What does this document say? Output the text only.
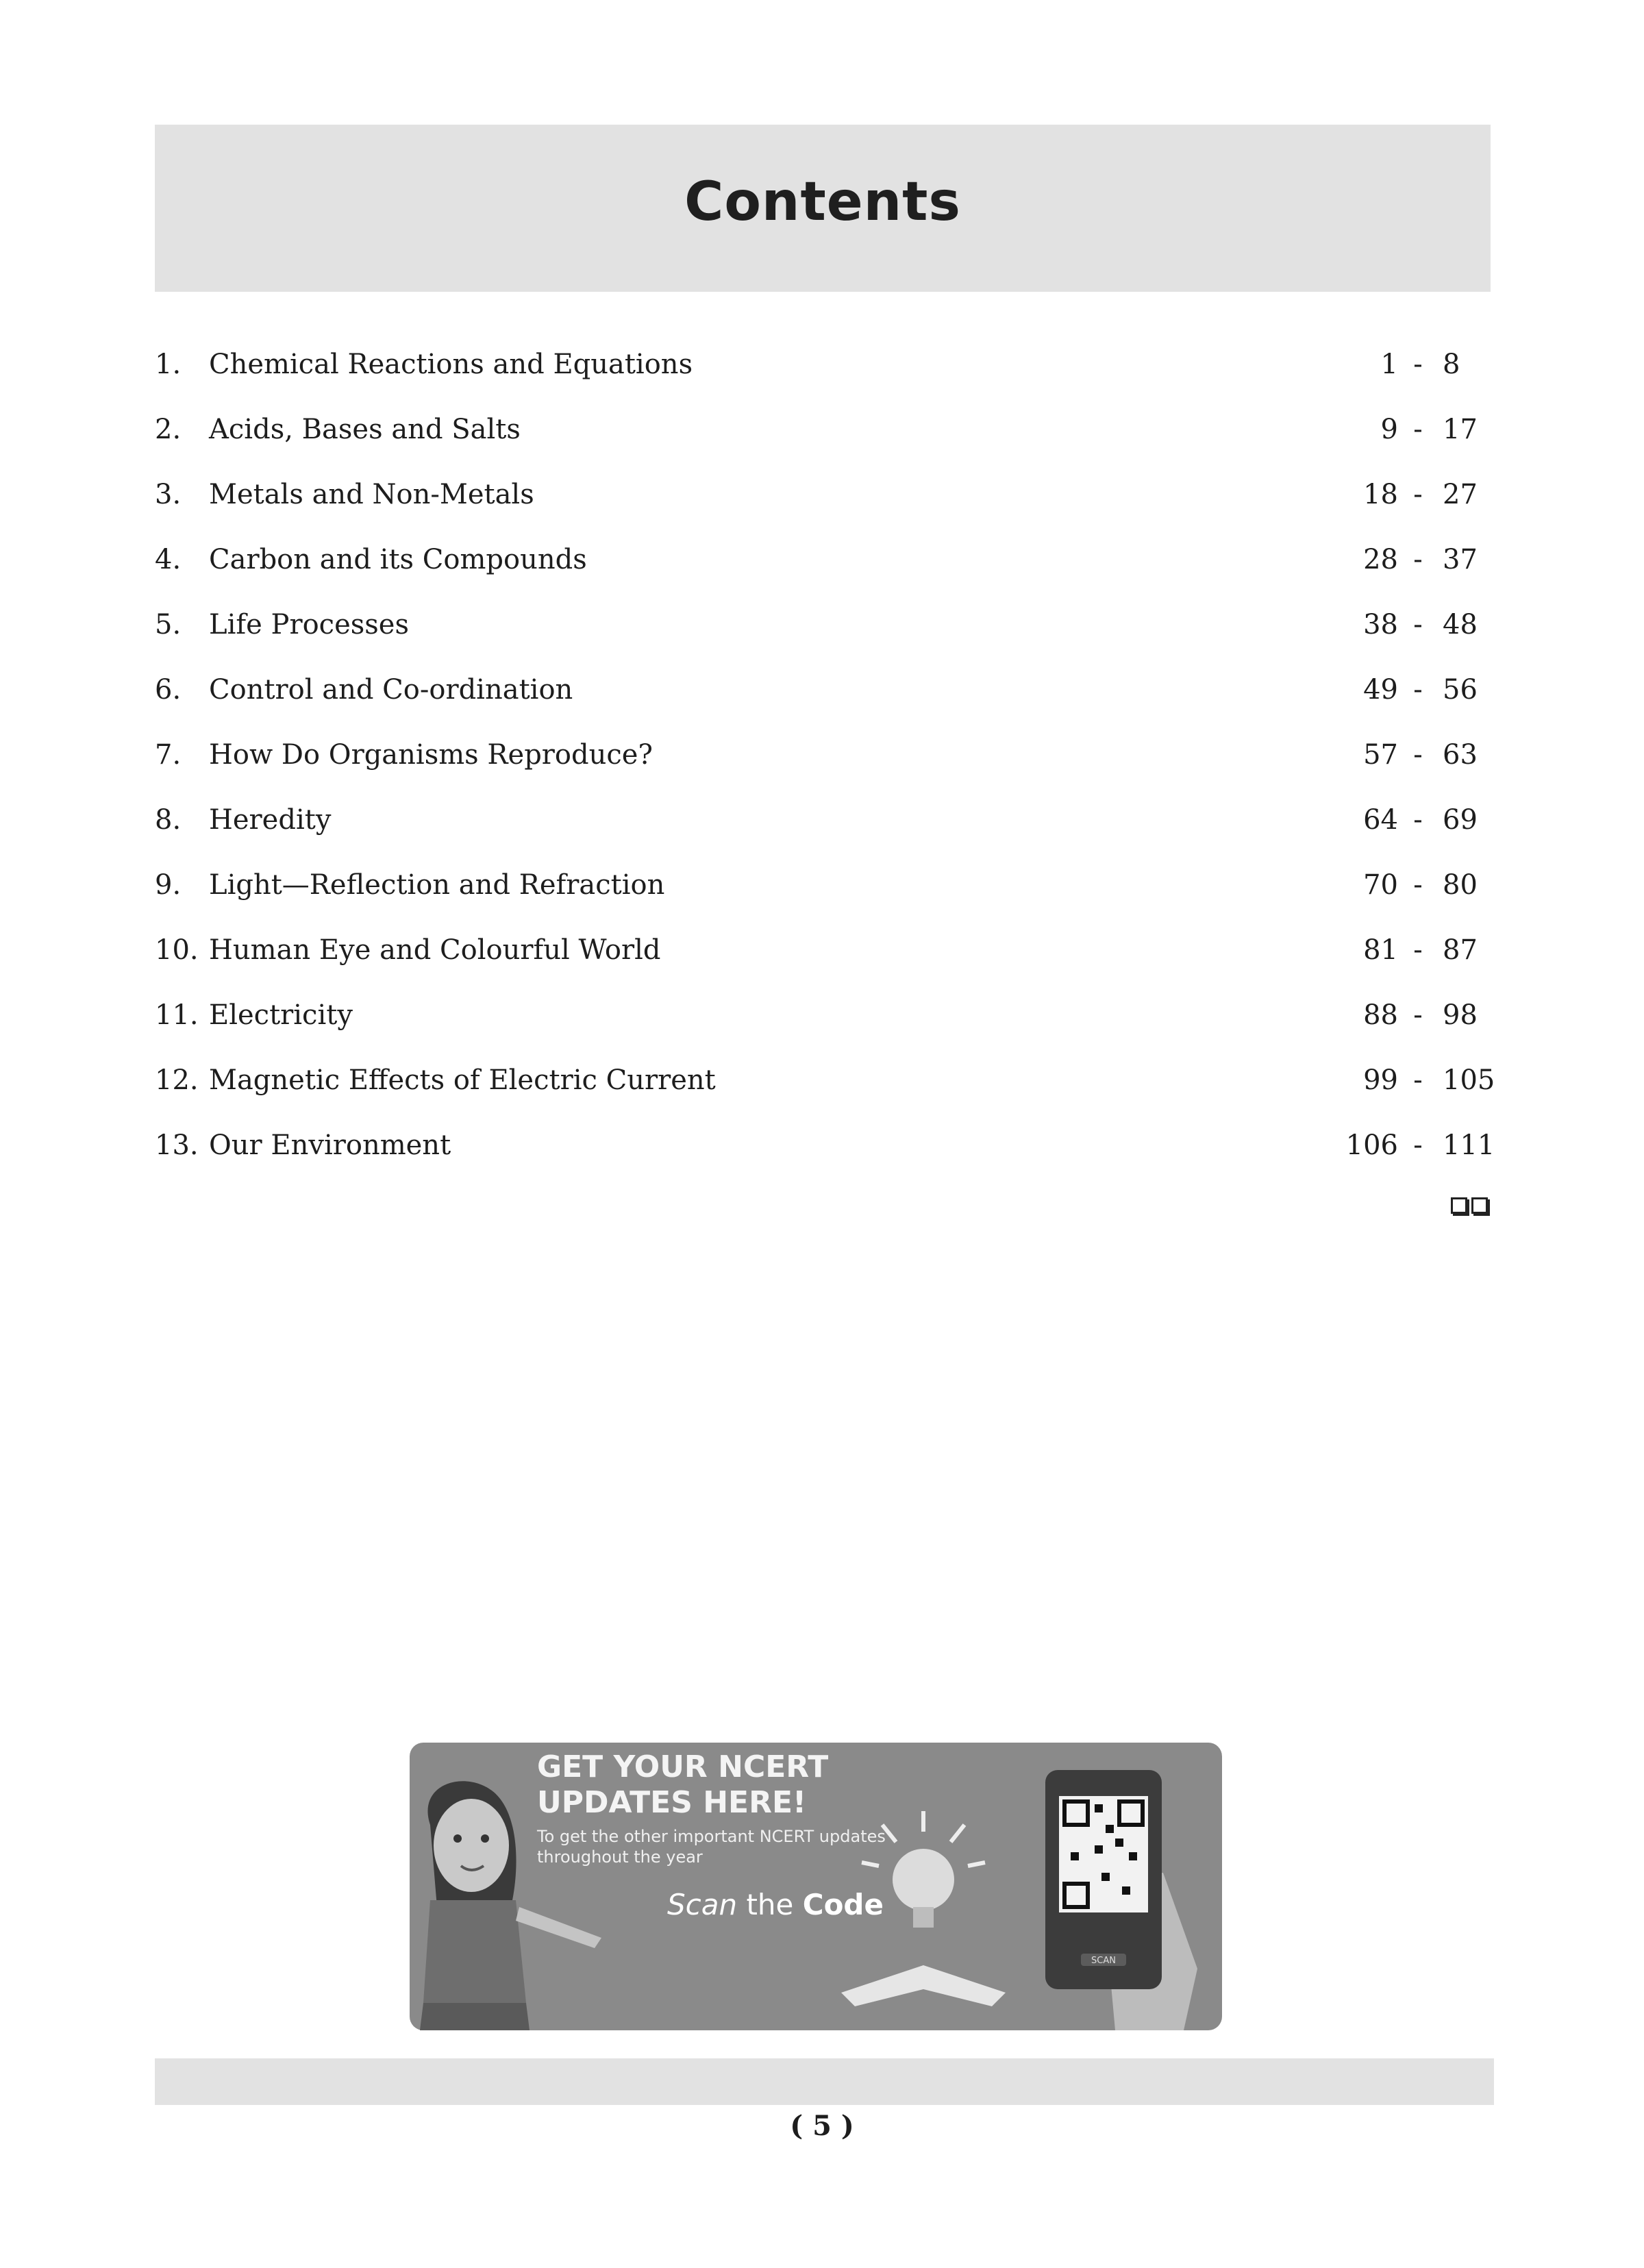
Contents
1. Chemical Reactions and Equations	1 - 8
2. Acids, Bases and Salts	9 - 17
3. Metals and Non-Metals	18 - 27
4. Carbon and its Compounds	28 - 37
5. Life Processes	38 - 48
6. Control and Co-ordination	49 - 56
7. How Do Organisms Reproduce?	57 - 63
8. Heredity	64 - 69
9. Light—Reflection and Refraction	70 - 80
10. Human Eye and Colourful World	81 - 87
11. Electricity	88 - 98
12. Magnetic Effects of Electric Current	99 - 105
13. Our Environment	106 - 111
SCAN
GET YOUR NCERT
UPDATES HERE!
To get the other important NCERT updates throughout the year
Scan the Code
( 5 )
